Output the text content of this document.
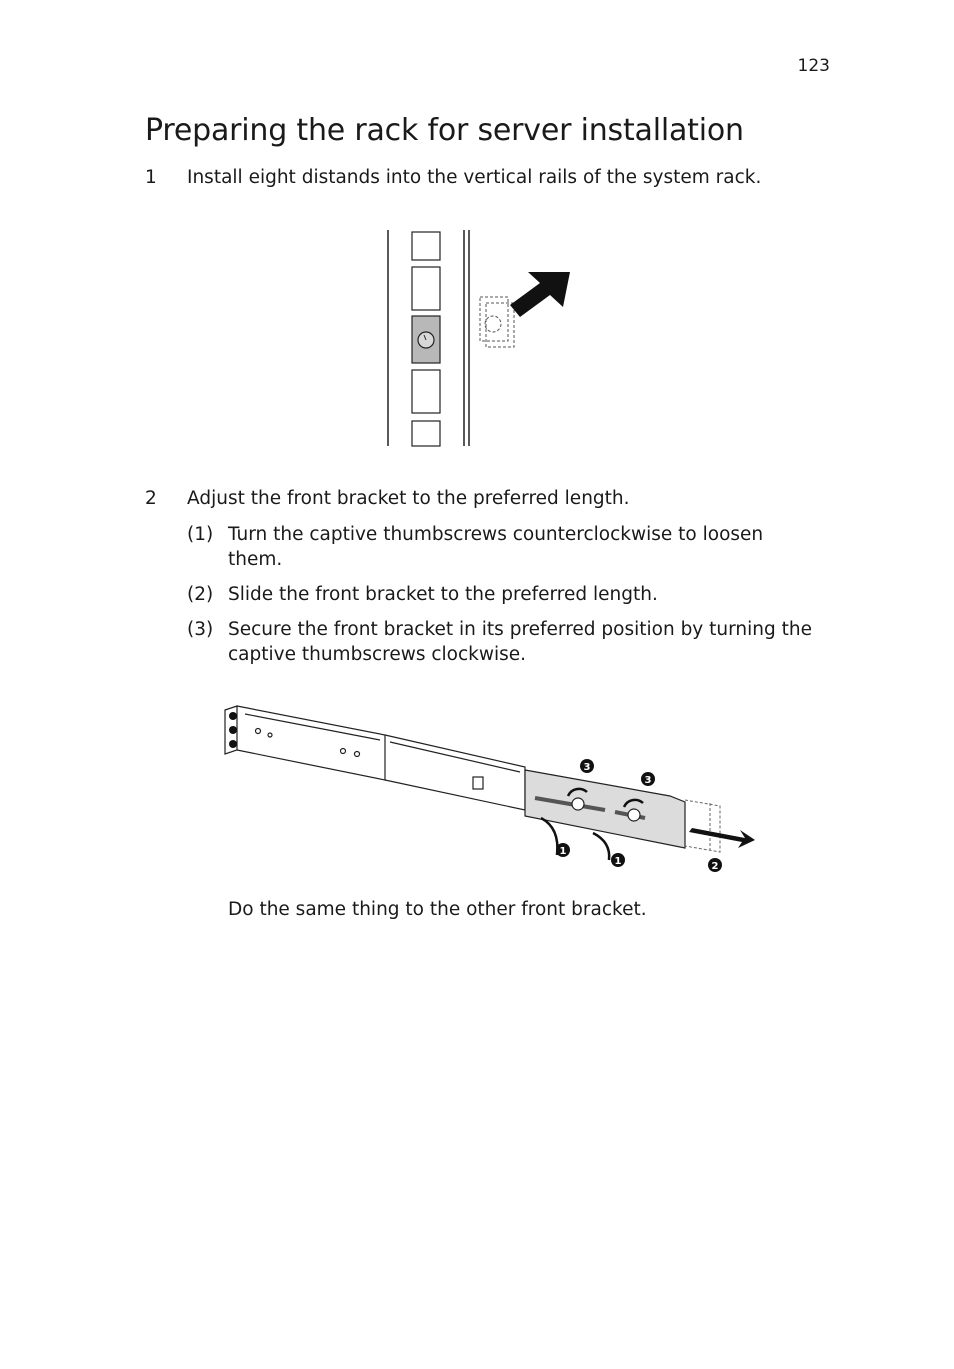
123
Preparing the rack for server installation
1 Install eight distands into the vertical rails of the system rack.
2 Adjust the front bracket to the preferred length.
(1) Turn the captive thumbscrews counterclockwise to loosen them.
(2) Slide the front bracket to the preferred length.
(3) Secure the front bracket in its preferred position by turning the captive thumbscrews clockwise.
1
1	2
3
3
Do the same thing to the other front bracket.
